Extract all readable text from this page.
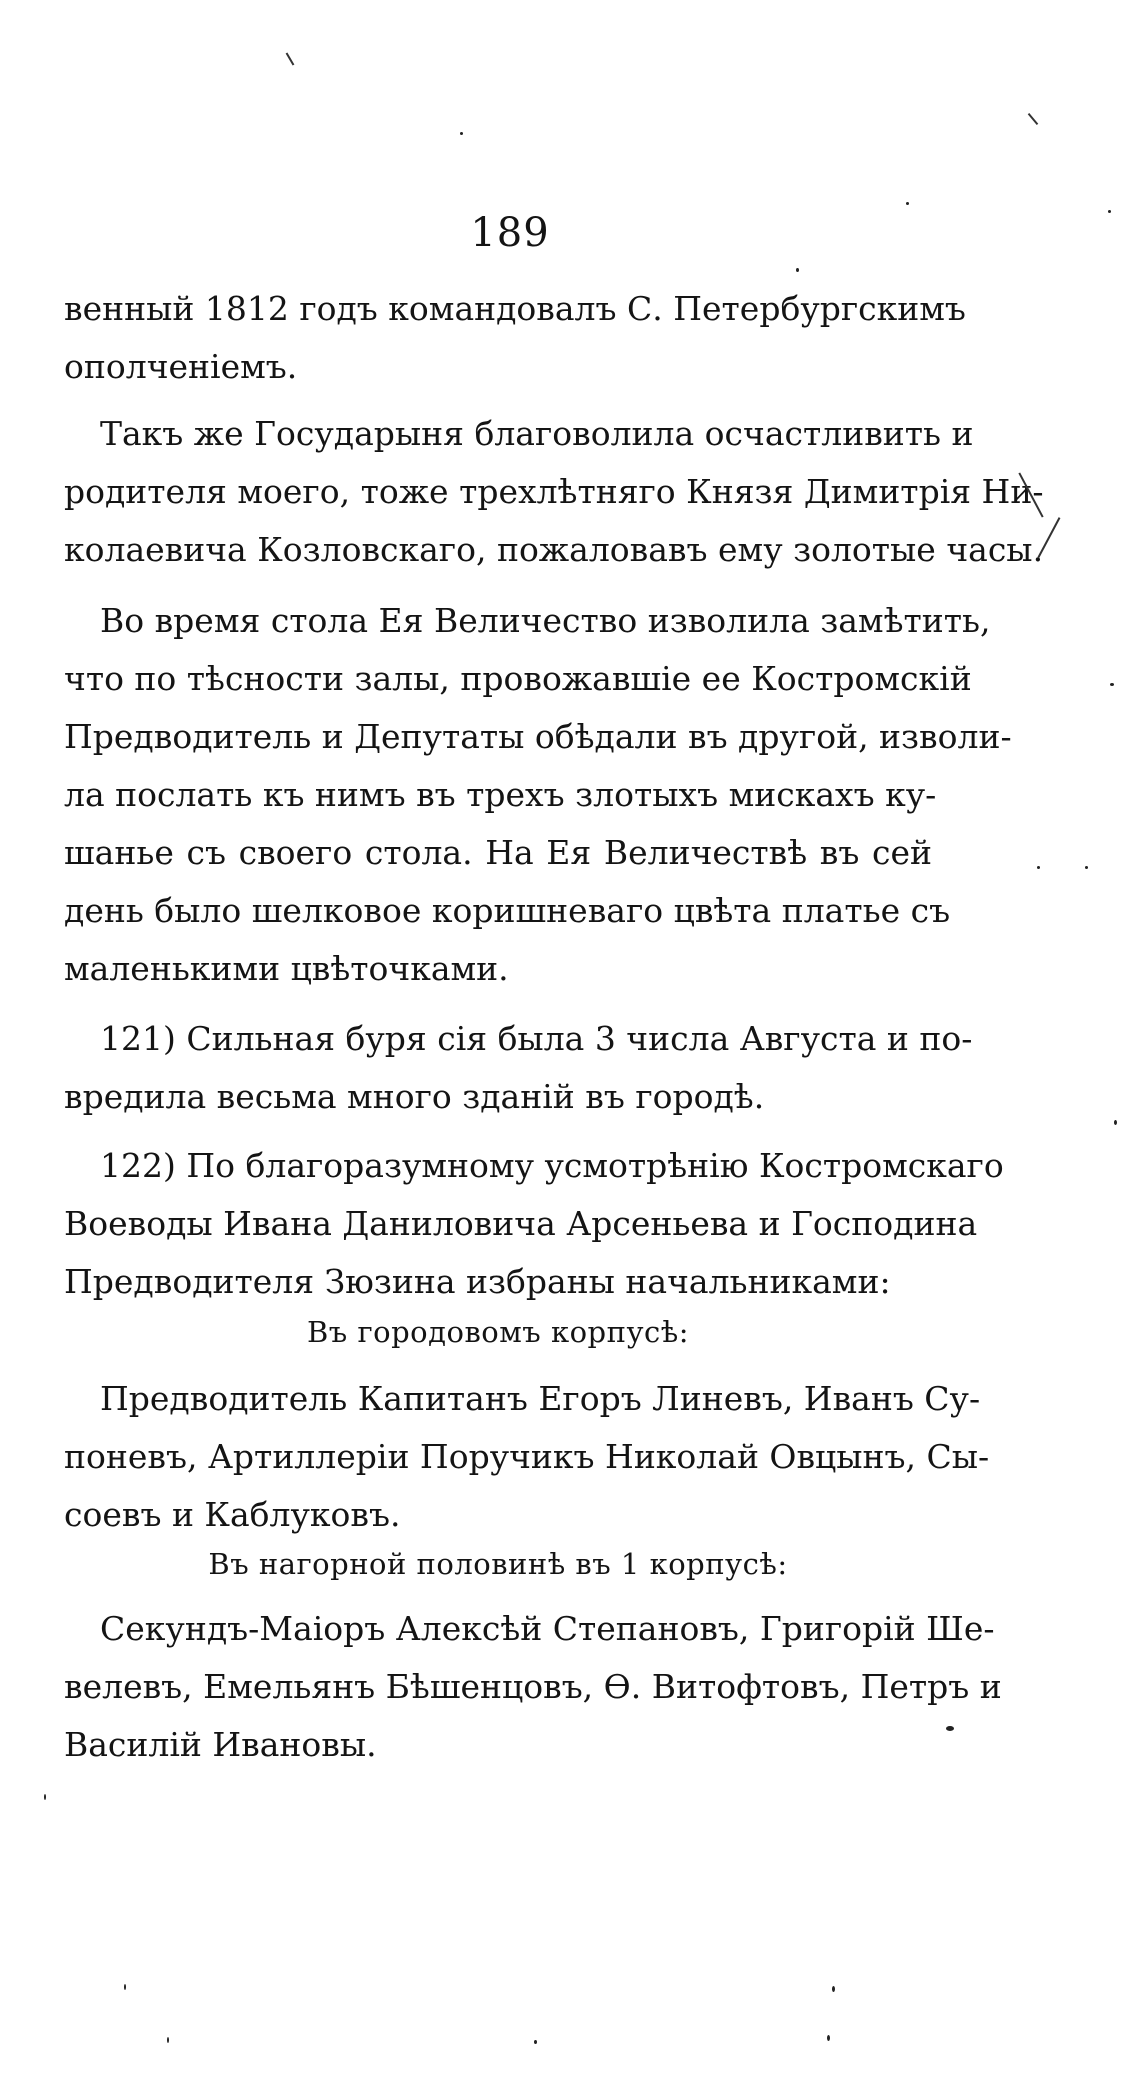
189
венный 1812 годъ командовалъ С. Петербургскимъ
ополченіемъ.
Такъ же Государыня благоволила осчастливить и
родителя моего, тоже трехлѣтняго Князя Димитрія Ни-
колаевича Козловскаго, пожаловавъ ему золотые часы.
Во время стола Ея Величество изволила замѣтить,
что по тѣсности залы, провожавшіе ее Костромскій
Предводитель и Депутаты обѣдали въ другой, изволи-
ла послать къ нимъ въ трехъ злотыхъ мискахъ ку-
шанье съ своего стола. На Ея Величествѣ въ сей
день было шелковое коришневаго цвѣта платье съ
маленькими цвѣточками.
121) Сильная буря сія была 3 числа Августа и по-
вредила весьма много зданій въ городѣ.
122) По благоразумному усмотрѣнію Костромскаго
Воеводы Ивана Даниловича Арсеньева и Господина
Предводителя Зюзина избраны начальниками:
Въ городовомъ корпусѣ:
Предводитель Капитанъ Егоръ Линевъ, Иванъ Су-
поневъ, Артиллеріи Поручикъ Николай Овцынъ, Сы-
соевъ и Каблуковъ.
Въ нагорной половинѣ въ 1 корпусѣ:
Секундъ-Маіоръ Алексѣй Степановъ, Григорій Ше-
велевъ, Емельянъ Бѣшенцовъ, Ѳ. Витофтовъ, Петръ и
Василій Ивановы.
